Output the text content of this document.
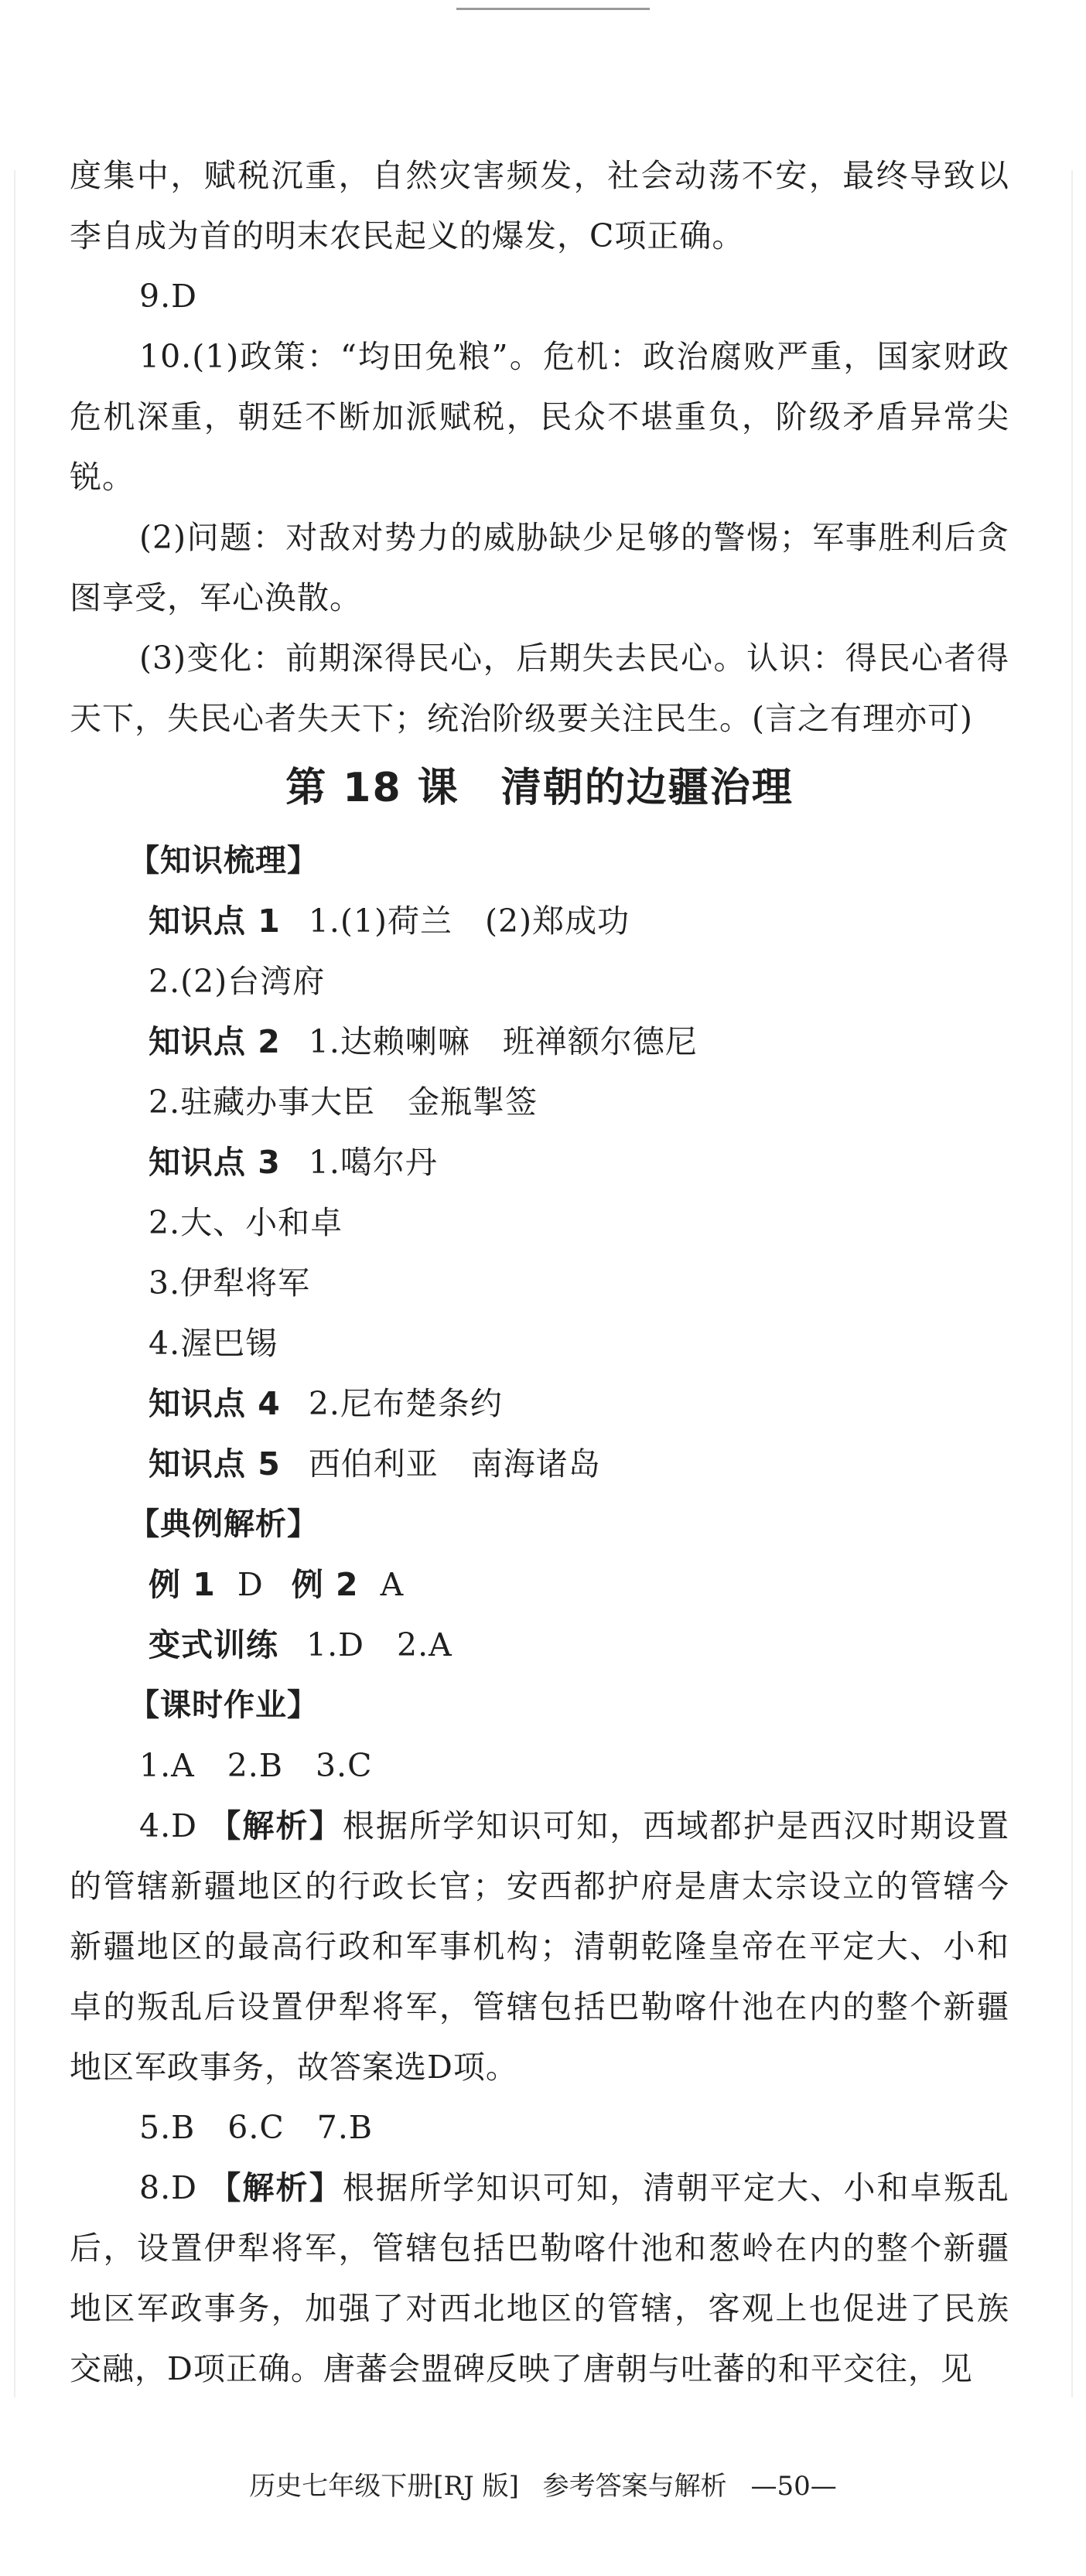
度集中，赋税沉重，自然灾害频发，社会动荡不安，最终导致以李自成为首的明末农民起义的爆发，C项正确。

9.D

10.(1)政策：“均田免粮”。危机：政治腐败严重，国家财政危机深重，朝廷不断加派赋税，民众不堪重负，阶级矛盾异常尖锐。

(2)问题：对敌对势力的威胁缺少足够的警惕；军事胜利后贪图享受，军心涣散。

(3)变化：前期深得民心，后期失去民心。认识：得民心者得天下，失民心者失天下；统治阶级要关注民生。(言之有理亦可)

第 18 课　清朝的边疆治理

【知识梳理】

知识点 1 1.(1)荷兰　(2)郑成功

2.(2)台湾府

知识点 2 1.达赖喇嘛　班禅额尔德尼

2.驻藏办事大臣　金瓶掣签

知识点 3 1.噶尔丹

2.大、小和卓

3.伊犁将军

4.渥巴锡

知识点 4 2.尼布楚条约

知识点 5 西伯利亚　南海诸岛

【典例解析】

例 1 D 例 2 A

变式训练 1.D　2.A

【课时作业】

1.A　2.B　3.C

4.D 【解析】根据所学知识可知，西域都护是西汉时期设置的管辖新疆地区的行政长官；安西都护府是唐太宗设立的管辖今新疆地区的最高行政和军事机构；清朝乾隆皇帝在平定大、小和卓的叛乱后设置伊犁将军，管辖包括巴勒喀什池在内的整个新疆地区军政事务，故答案选D项。

5.B　6.C　7.B

8.D 【解析】根据所学知识可知，清朝平定大、小和卓叛乱后，设置伊犁将军，管辖包括巴勒喀什池和葱岭在内的整个新疆地区军政事务，加强了对西北地区的管辖，客观上也促进了民族交融，D项正确。唐蕃会盟碑反映了唐朝与吐蕃的和平交往，见

历史七年级下册[RJ 版] 参考答案与解析 —50—
